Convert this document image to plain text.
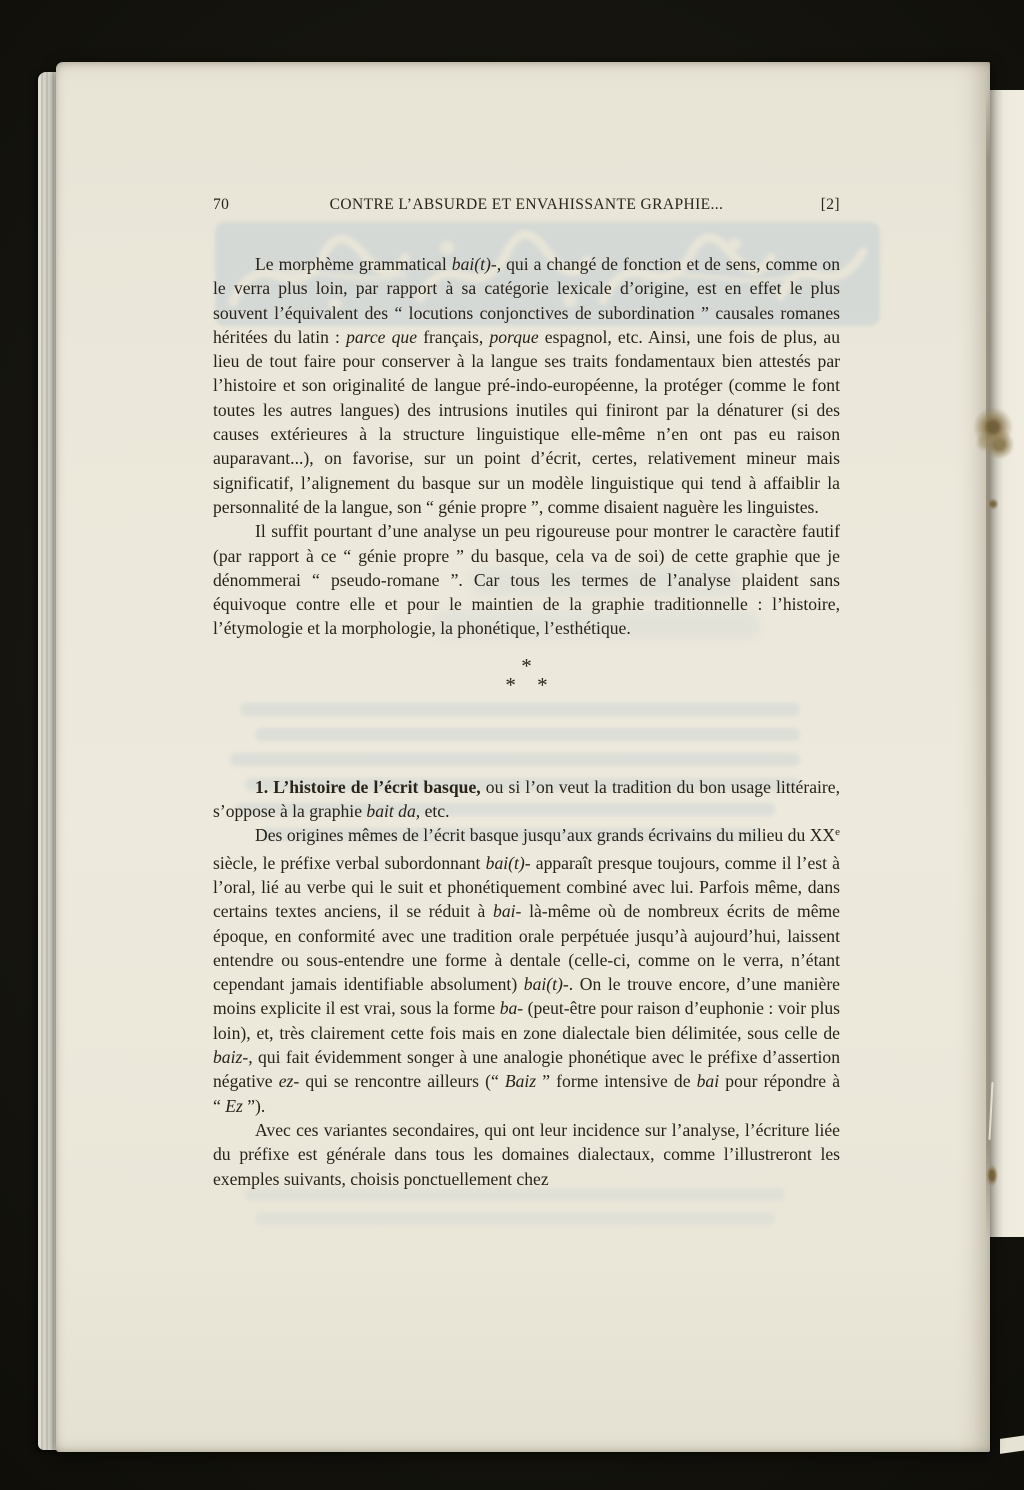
70	CONTRE L’ABSURDE ET ENVAHISSANTE GRAPHIE...	[2]

Le morphème grammatical bai(t)-, qui a changé de fonction et de sens, comme on le verra plus loin, par rapport à sa catégorie lexicale d’origine, est en effet le plus souvent l’équivalent des “ locutions conjonctives de subordination ” causales romanes héritées du latin : parce que français, porque espagnol, etc. Ainsi, une fois de plus, au lieu de tout faire pour conserver à la langue ses traits fondamentaux bien attestés par l’histoire et son originalité de langue pré-indo-européenne, la protéger (comme le font toutes les autres langues) des intrusions inutiles qui finiront par la dénaturer (si des causes extérieures à la structure linguistique elle-même n’en ont pas eu raison auparavant...), on favorise, sur un point d’écrit, certes, relativement mineur mais significatif, l’alignement du basque sur un modèle linguistique qui tend à affaiblir la personnalité de la langue, son “ génie propre ”, comme disaient naguère les linguistes.

Il suffit pourtant d’une analyse un peu rigoureuse pour montrer le caractère fautif (par rapport à ce “ génie propre ” du basque, cela va de soi) de cette graphie que je dénommerai “ pseudo-romane ”. Car tous les termes de l’analyse plaident sans équivoque contre elle et pour le maintien de la graphie traditionnelle : l’histoire, l’étymologie et la morphologie, la phonétique, l’esthétique.

*
* *

1. L’histoire de l’écrit basque, ou si l’on veut la tradition du bon usage littéraire, s’oppose à la graphie bait da, etc.

Des origines mêmes de l’écrit basque jusqu’aux grands écrivains du milieu du XXe siècle, le préfixe verbal subordonnant bai(t)- apparaît presque toujours, comme il l’est à l’oral, lié au verbe qui le suit et phonétiquement combiné avec lui. Parfois même, dans certains textes anciens, il se réduit à bai- là-même où de nombreux écrits de même époque, en conformité avec une tradition orale perpétuée jusqu’à aujourd’hui, laissent entendre ou sous-entendre une forme à dentale (celle-ci, comme on le verra, n’étant cependant jamais identifiable absolument) bai(t)-. On le trouve encore, d’une manière moins explicite il est vrai, sous la forme ba- (peut-être pour raison d’euphonie : voir plus loin), et, très clairement cette fois mais en zone dialectale bien délimitée, sous celle de baiz-, qui fait évidemment songer à une analogie phonétique avec le préfixe d’assertion négative ez- qui se rencontre ailleurs (“ Baiz ” forme intensive de bai pour répondre à “ Ez ”).

Avec ces variantes secondaires, qui ont leur incidence sur l’analyse, l’écriture liée du préfixe est générale dans tous les domaines dialectaux, comme l’illustreront les exemples suivants, choisis ponctuellement chez
